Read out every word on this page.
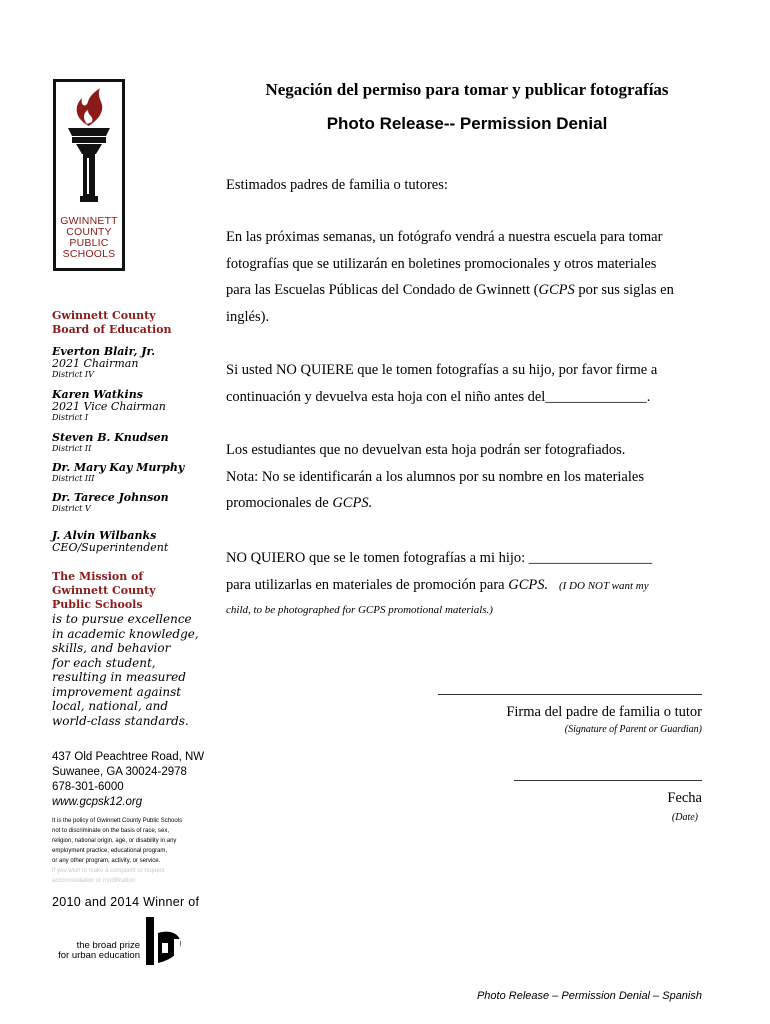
GWINNETT
COUNTY
PUBLIC
SCHOOLS
Gwinnett County
Board of Education
Everton Blair, Jr.
2021 Chairman
District IV
Karen Watkins
2021 Vice Chairman
District I
Steven B. Knudsen
District II
Dr. Mary Kay Murphy
District III
Dr. Tarece Johnson
District V
J. Alvin Wilbanks
CEO/Superintendent
The Mission of
Gwinnett County
Public Schools
is to pursue excellence
in academic knowledge,
skills, and behavior
for each student,
resulting in measured
improvement against
local, national, and
world-class standards.
437 Old Peachtree Road, NW
Suwanee, GA 30024-2978
678-301-6000
www.gcpsk12.org
It is the policy of Gwinnett County Public Schools
not to discriminate on the basis of race, sex,
religion, national origin, age, or disability in any
employment practice, educational program,
or any other program, activity, or service.
If you wish to make a complaint or request
accommodation or modification
2010 and 2014 Winner of
the broad prize
for urban education
Negación del permiso para tomar y publicar fotografías
Photo Release-- Permission Denial
Estimados padres de familia o tutores:
En las próximas semanas, un fotógrafo vendrá a nuestra escuela para tomar
fotografías que se utilizarán en boletines promocionales y otros materiales
para las Escuelas Públicas del Condado de Gwinnett (GCPS por sus siglas en
inglés).
Si usted NO QUIERE que le tomen fotografías a su hijo, por favor firme a
continuación y devuelva esta hoja con el niño antes del______________.
Los estudiantes que no devuelvan esta hoja podrán ser fotografiados.
Nota: No se identificarán a los alumnos por su nombre en los materiales
promocionales de GCPS.
NO QUIERO que se le tomen fotografías a mi hijo: _________________
para utilizarlas en materiales de promoción para GCPS. (I DO NOT want my
child, to be photographed for GCPS promotional materials.)
Firma del padre de familia o tutor
(Signature of Parent or Guardian)
Fecha
(Date)
Photo Release – Permission Denial – Spanish
